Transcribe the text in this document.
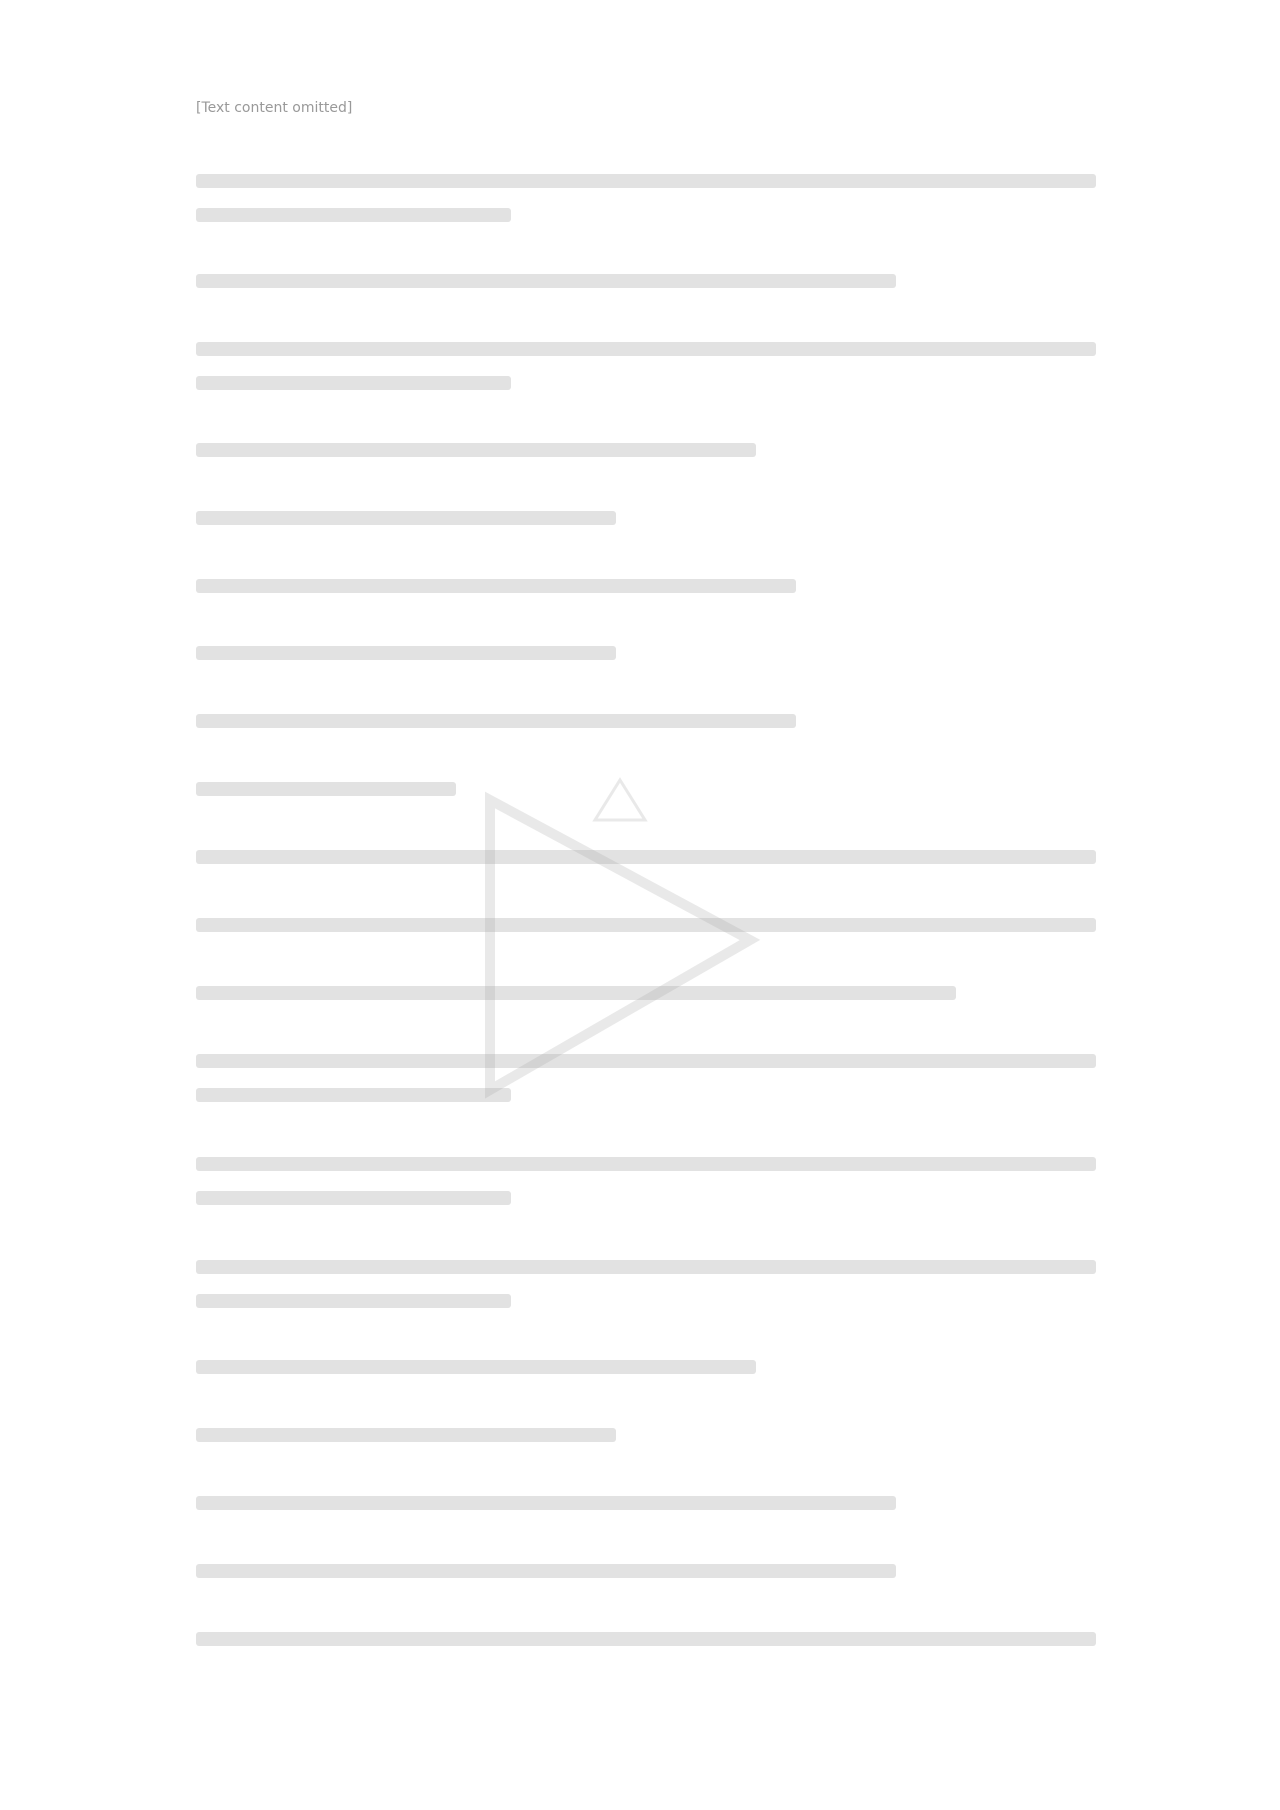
[Text content omitted]
